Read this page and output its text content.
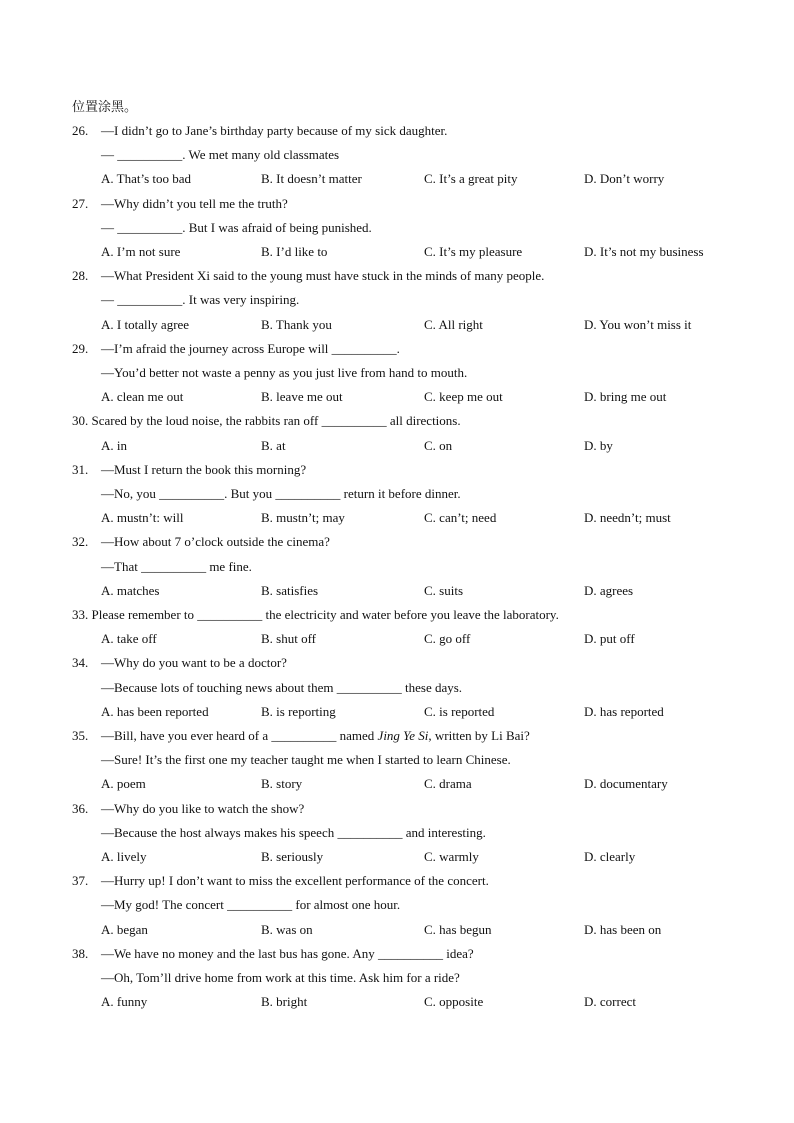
位置涂黑。
26. —I didn’t go to Jane’s birthday party because of my sick daughter.
— __________. We met many old classmates
A. That’s too bad	B. It doesn’t matter	C. It’s a great pity	D. Don’t worry
27. —Why didn’t you tell me the truth?
— __________. But I was afraid of being punished.
A. I’m not sure	B. I’d like to	C. It’s my pleasure	D. It’s not my business
28. —What President Xi said to the young must have stuck in the minds of many people.
— __________. It was very inspiring.
A. I totally agree	B. Thank you	C. All right	D. You won’t miss it
29. —I’m afraid the journey across Europe will __________.
—You’d better not waste a penny as you just live from hand to mouth.
A. clean me out	B. leave me out	C. keep me out	D. bring me out
30. Scared by the loud noise, the rabbits ran off __________ all directions.
A. in	B. at	C. on	D. by
31. —Must I return the book this morning?
—No, you __________. But you __________ return it before dinner.
A. mustn’t: will	B. mustn’t; may	C. can’t; need	D. needn’t; must
32. —How about 7 o’clock outside the cinema?
—That __________ me fine.
A. matches	B. satisfies	C. suits	D. agrees
33. Please remember to __________ the electricity and water before you leave the laboratory.
A. take off	B. shut off	C. go off	D. put off
34. —Why do you want to be a doctor?
—Because lots of touching news about them __________ these days.
A. has been reported	B. is reporting	C. is reported	D. has reported
35. —Bill, have you ever heard of a __________ named Jing Ye Si, written by Li Bai?
—Sure! It’s the first one my teacher taught me when I started to learn Chinese.
A. poem	B. story	C. drama	D. documentary
36. —Why do you like to watch the show?
—Because the host always makes his speech __________ and interesting.
A. lively	B. seriously	C. warmly	D. clearly
37. —Hurry up! I don’t want to miss the excellent performance of the concert.
—My god! The concert __________ for almost one hour.
A. began	B. was on	C. has begun	D. has been on
38. —We have no money and the last bus has gone. Any __________ idea?
—Oh, Tom’ll drive home from work at this time. Ask him for a ride?
A. funny	B. bright	C. opposite	D. correct
